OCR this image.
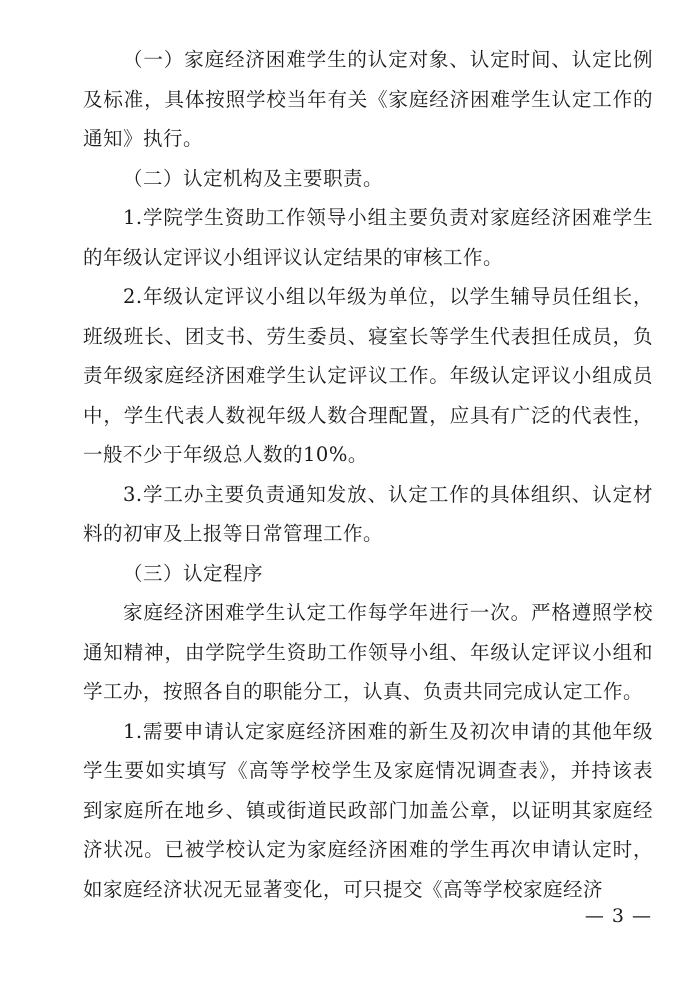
（一）家庭经济困难学生的认定对象、认定时间、认定比例及标准，具体按照学校当年有关《家庭经济困难学生认定工作的通知》执行。

（二）认定机构及主要职责。

1.学院学生资助工作领导小组主要负责对家庭经济困难学生的年级认定评议小组评议认定结果的审核工作。

2.年级认定评议小组以年级为单位，以学生辅导员任组长，班级班长、团支书、劳生委员、寝室长等学生代表担任成员，负责年级家庭经济困难学生认定评议工作。年级认定评议小组成员中，学生代表人数视年级人数合理配置，应具有广泛的代表性，一般不少于年级总人数的10%。

3.学工办主要负责通知发放、认定工作的具体组织、认定材料的初审及上报等日常管理工作。

（三）认定程序

家庭经济困难学生认定工作每学年进行一次。严格遵照学校通知精神，由学院学生资助工作领导小组、年级认定评议小组和学工办，按照各自的职能分工，认真、负责共同完成认定工作。

1.需要申请认定家庭经济困难的新生及初次申请的其他年级学生要如实填写《高等学校学生及家庭情况调查表》，并持该表到家庭所在地乡、镇或街道民政部门加盖公章，以证明其家庭经济状况。已被学校认定为家庭经济困难的学生再次申请认定时，如家庭经济状况无显著变化，可只提交《高等学校家庭经济

— 3 —
